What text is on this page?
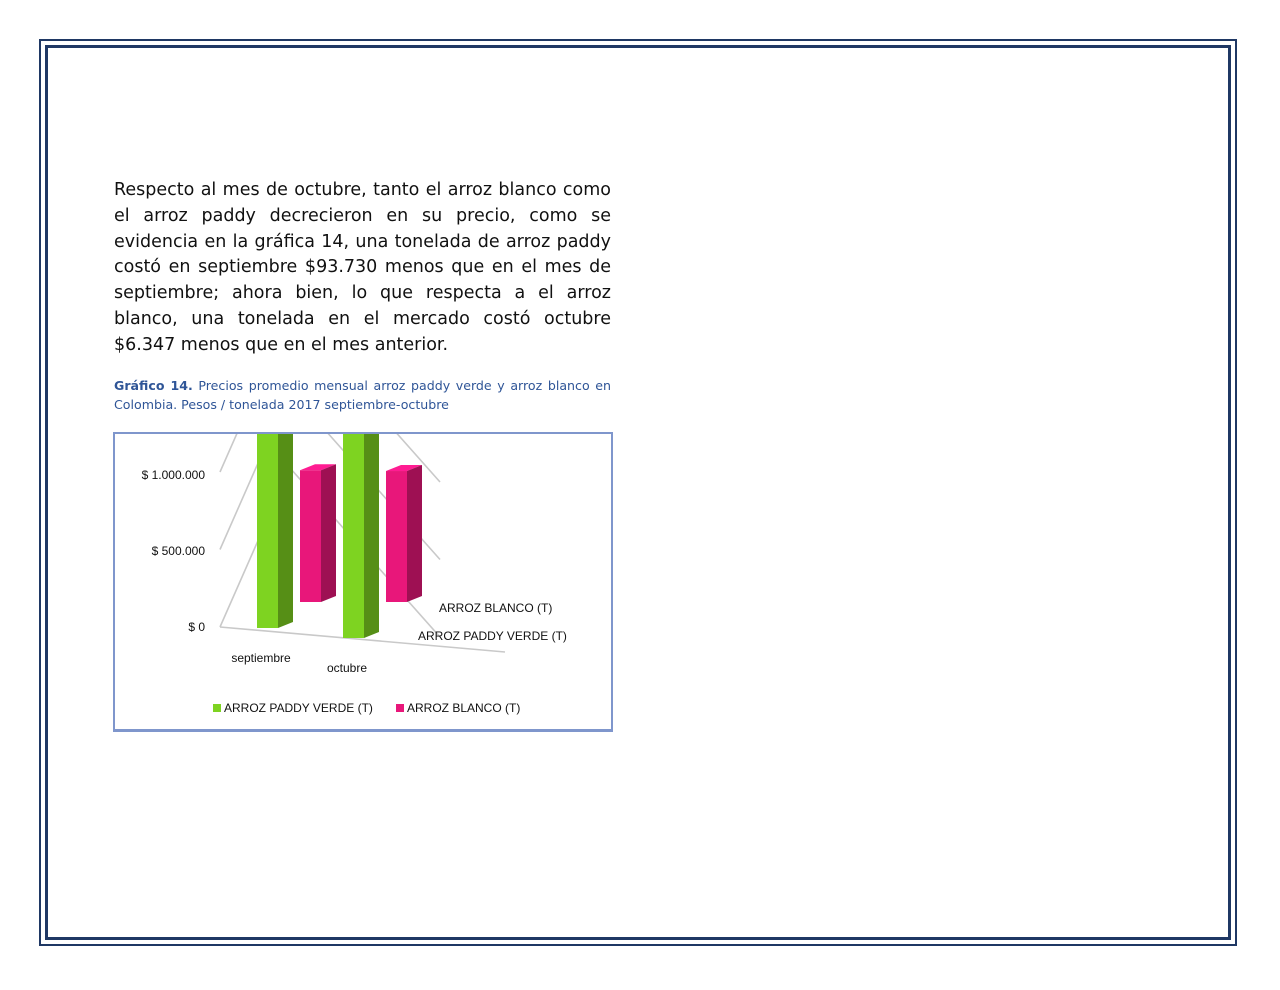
Respecto al mes de octubre, tanto el arroz blanco como el arroz paddy decrecieron en su precio, como se evidencia en la gráfica 14, una tonelada de arroz paddy costó en septiembre $93.730 menos que en el mes de septiembre; ahora bien, lo que respecta a el arroz blanco, una tonelada en el mercado costó octubre $6.347 menos que en el mes anterior.

Gráfico 14. Precios promedio mensual arroz paddy verde y arroz blanco en Colombia. Pesos / tonelada 2017 septiembre-octubre

$ 0
$ 500.000
$ 1.000.000
septiembre
octubre
ARROZ BLANCO (T)
ARROZ PADDY VERDE (T)
ARROZ PADDY VERDE (T)	ARROZ BLANCO (T)
